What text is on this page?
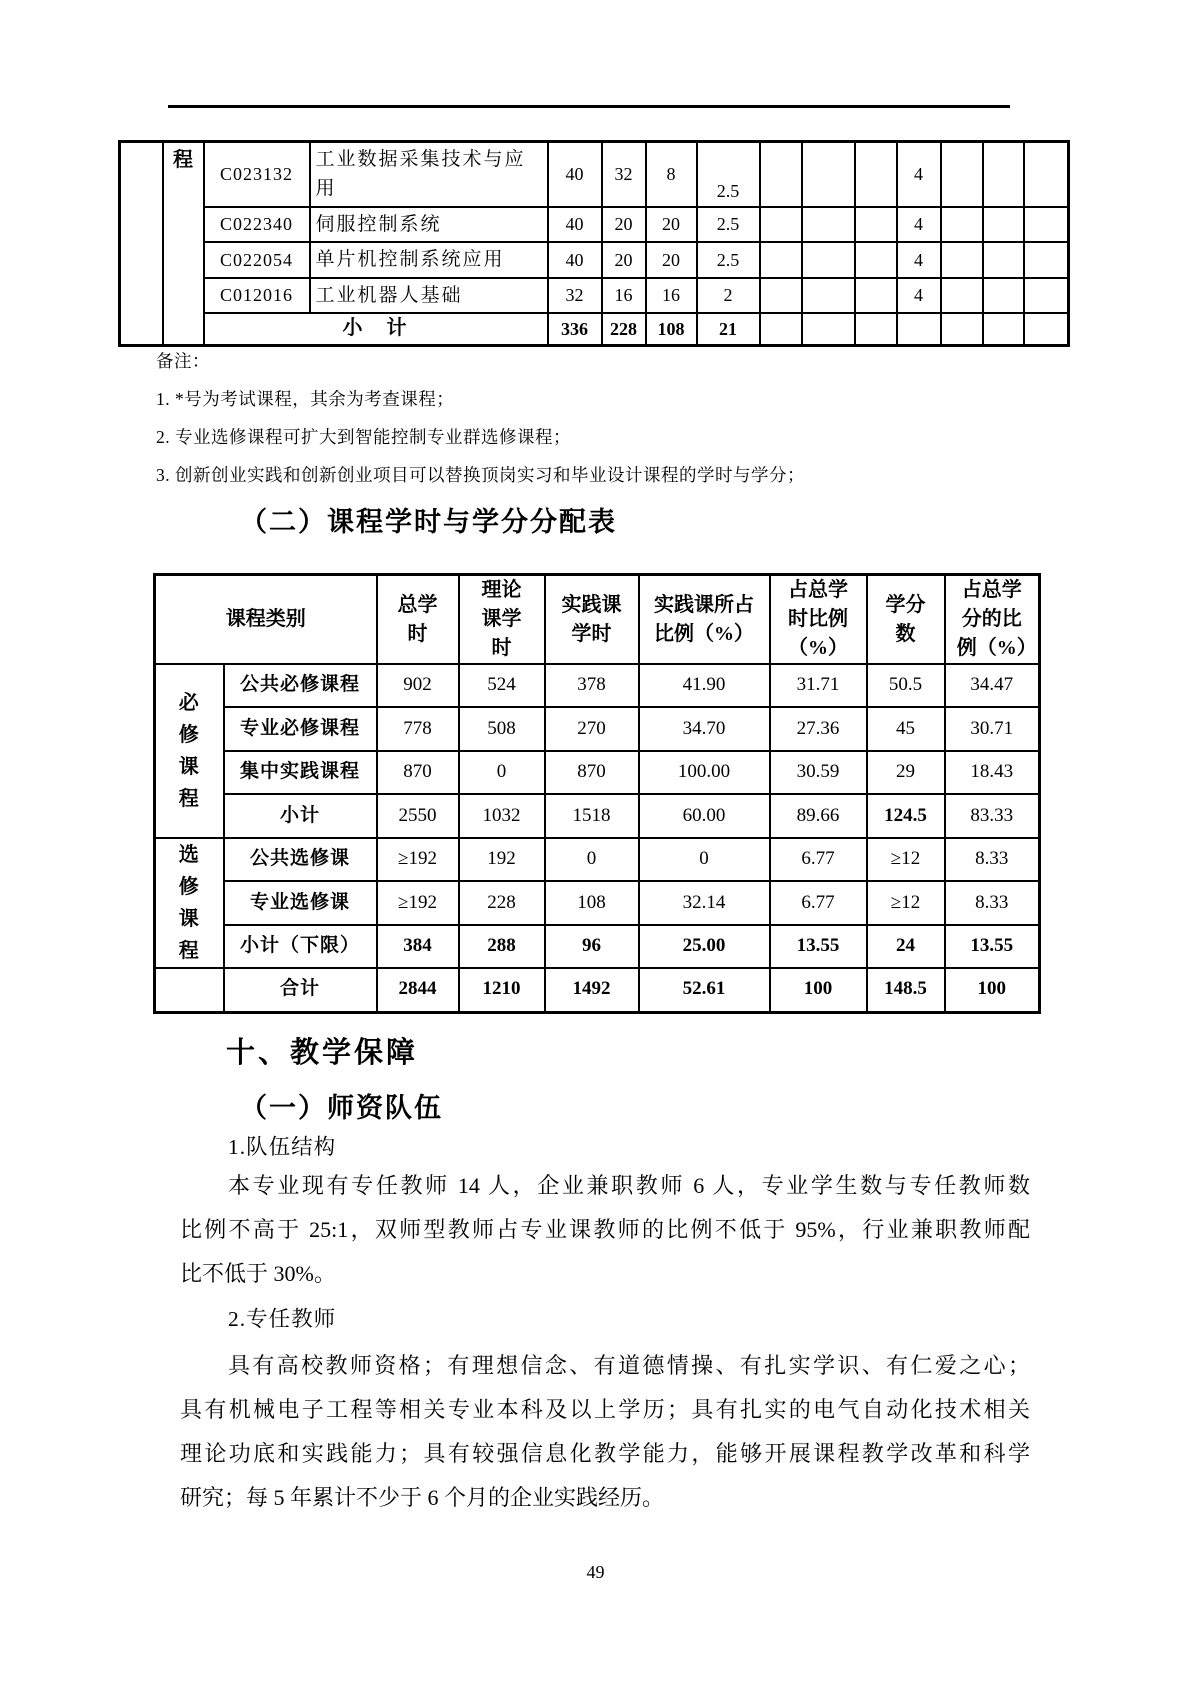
	程	C023132	工业数据采集技术与应用	40	32	8	2.5				4			
		C022340	伺服控制系统	40	20	20	2.5				4			
		C022054	单片机控制系统应用	40	20	20	2.5				4			
		C012016	工业机器人基础	32	16	16	2				4			
		小　计		336	228	108	21							
备注：
1. *号为考试课程，其余为考查课程；
2. 专业选修课程可扩大到智能控制专业群选修课程；
3. 创新创业实践和创新创业项目可以替换顶岗实习和毕业设计课程的学时与学分；
（二）课程学时与学分分配表
课程类别		总学时	理论课学时	实践课学时	实践课所占比例（%）	占总学时比例（%）	学分数	占总学分的比例（%）
必修课程	公共必修课程	902	524	378	41.90	31.71	50.5	34.47
	专业必修课程	778	508	270	34.70	27.36	45	30.71
	集中实践课程	870	0	870	100.00	30.59	29	18.43
	小计	2550	1032	1518	60.00	89.66	124.5	83.33
选修课程	公共选修课	≥192	192	0	0	6.77	≥12	8.33
	专业选修课	≥192	228	108	32.14	6.77	≥12	8.33
	小计（下限）	384	288	96	25.00	13.55	24	13.55
	合计	2844	1210	1492	52.61	100	148.5	100
十、教学保障
（一）师资队伍
1.队伍结构
本专业现有专任教师 14 人，企业兼职教师 6 人，专业学生数与专任教师数
比例不高于 25:1，双师型教师占专业课教师的比例不低于 95%，行业兼职教师配
比不低于 30%。
2.专任教师
具有高校教师资格；有理想信念、有道德情操、有扎实学识、有仁爱之心；
具有机械电子工程等相关专业本科及以上学历；具有扎实的电气自动化技术相关
理论功底和实践能力；具有较强信息化教学能力，能够开展课程教学改革和科学
研究；每 5 年累计不少于 6 个月的企业实践经历。
49
